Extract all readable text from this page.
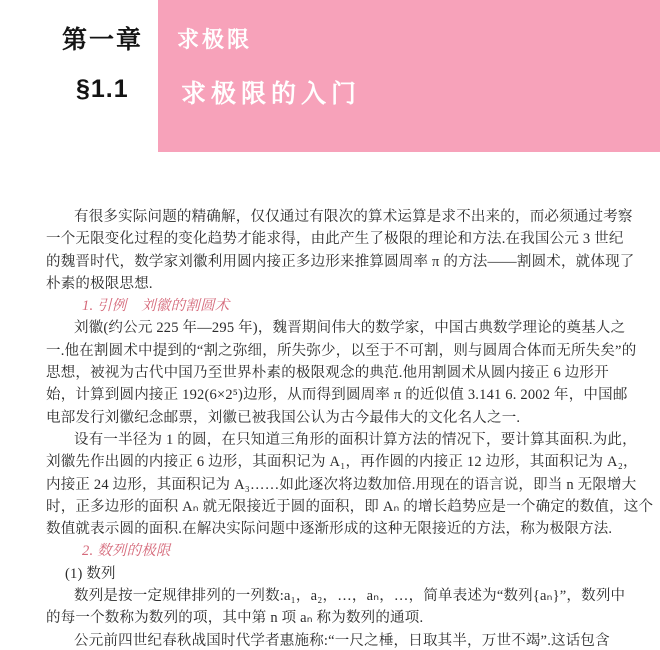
第一章 求极限
§1.1 求极限的入门
有很多实际问题的精确解，仅仅通过有限次的算术运算是求不出来的，而必须通过考察
一个无限变化过程的变化趋势才能求得，由此产生了极限的理论和方法.在我国公元 3 世纪
的魏晋时代，数学家刘徽利用圆内接正多边形来推算圆周率 π 的方法——割圆术，就体现了
朴素的极限思想.
1. 引例　刘徽的割圆术
刘徽(约公元 225 年—295 年)，魏晋期间伟大的数学家，中国古典数学理论的奠基人之
一.他在割圆术中提到的“割之弥细，所失弥少，以至于不可割，则与圆周合体而无所失矣”的
思想，被视为古代中国乃至世界朴素的极限观念的典范.他用割圆术从圆内接正 6 边形开
始，计算到圆内接正 192(6×2⁵)边形，从而得到圆周率 π 的近似值 3.141 6. 2002 年，中国邮
电部发行刘徽纪念邮票，刘徽已被我国公认为古今最伟大的文化名人之一.
设有一半径为 1 的圆，在只知道三角形的面积计算方法的情况下，要计算其面积.为此，
刘徽先作出圆的内接正 6 边形，其面积记为 A₁，再作圆的内接正 12 边形，其面积记为 A₂，
内接正 24 边形，其面积记为 A₃……如此逐次将边数加倍.用现在的语言说，即当 n 无限增大
时，正多边形的面积 Aₙ 就无限接近于圆的面积，即 Aₙ 的增长趋势应是一个确定的数值，这个
数值就表示圆的面积.在解决实际问题中逐渐形成的这种无限接近的方法，称为极限方法.
2. 数列的极限
(1) 数列
数列是按一定规律排列的一列数:a₁，a₂，…，aₙ，…，简单表述为“数列{aₙ}”，数列中
的每一个数称为数列的项，其中第 n 项 aₙ 称为数列的通项.
公元前四世纪春秋战国时代学者惠施称:“一尺之棰，日取其半，万世不竭”.这话包含
